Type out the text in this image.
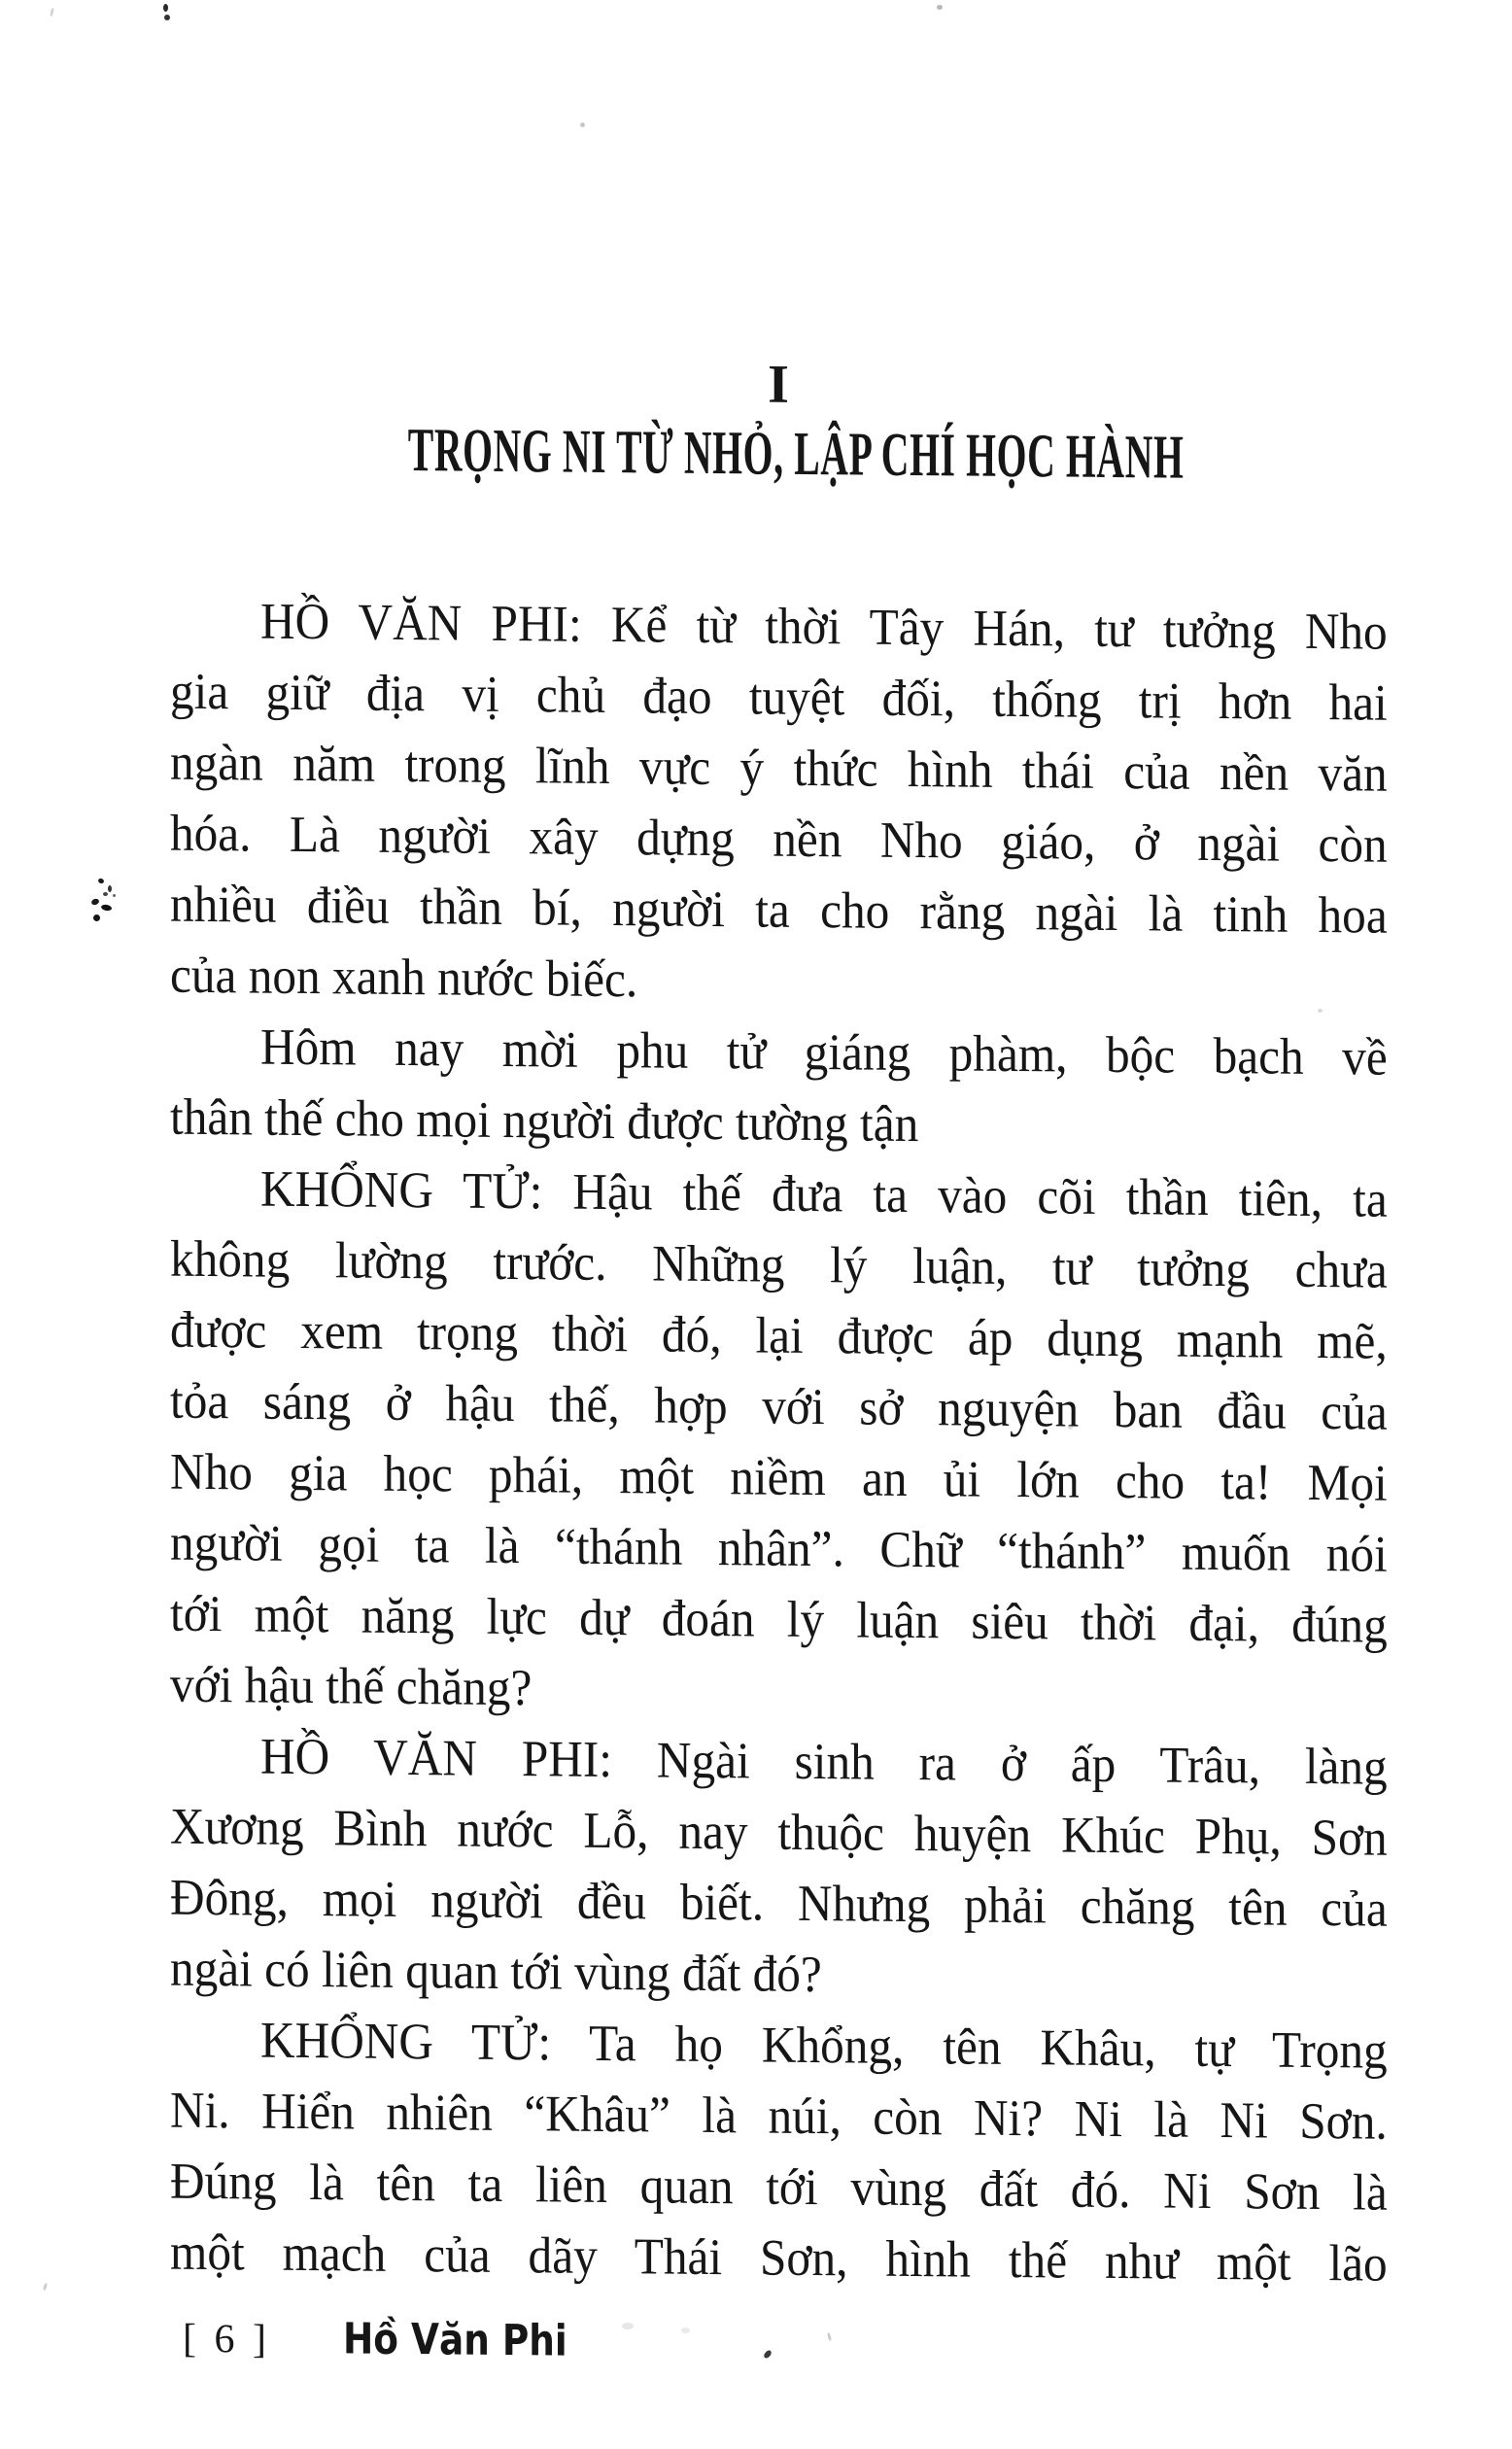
I
TRỌNG NI TỪ NHỎ, LẬP CHÍ HỌC HÀNH
HỒ VĂN PHI: Kể từ thời Tây Hán, tư tưởng Nho
gia giữ địa vị chủ đạo tuyệt đối, thống trị hơn hai
ngàn năm trong lĩnh vực ý thức hình thái của nền văn
hóa. Là người xây dựng nền Nho giáo, ở ngài còn
nhiều điều thần bí, người ta cho rằng ngài là tinh hoa
của non xanh nước biếc.
Hôm nay mời phu tử giáng phàm, bộc bạch về
thân thế cho mọi người được tường tận
KHỔNG TỬ: Hậu thế đưa ta vào cõi thần tiên, ta
không lường trước. Những lý luận, tư tưởng chưa
được xem trọng thời đó, lại được áp dụng mạnh mẽ,
tỏa sáng ở hậu thế, hợp với sở nguyện ban đầu của
Nho gia học phái, một niềm an ủi lớn cho ta! Mọi
người gọi ta là “thánh nhân”. Chữ “thánh” muốn nói
tới một năng lực dự đoán lý luận siêu thời đại, đúng
với hậu thế chăng?
HỒ VĂN PHI: Ngài sinh ra ở ấp Trâu, làng
Xương Bình nước Lỗ, nay thuộc huyện Khúc Phụ, Sơn
Đông, mọi người đều biết. Nhưng phải chăng tên của
ngài có liên quan tới vùng đất đó?
KHỔNG TỬ: Ta họ Khổng, tên Khâu, tự Trọng
Ni. Hiển nhiên “Khâu” là núi, còn Ni? Ni là Ni Sơn.
Đúng là tên ta liên quan tới vùng đất đó. Ni Sơn là
một mạch của dãy Thái Sơn, hình thế như một lão
[ 6 ] Hồ Văn Phi
